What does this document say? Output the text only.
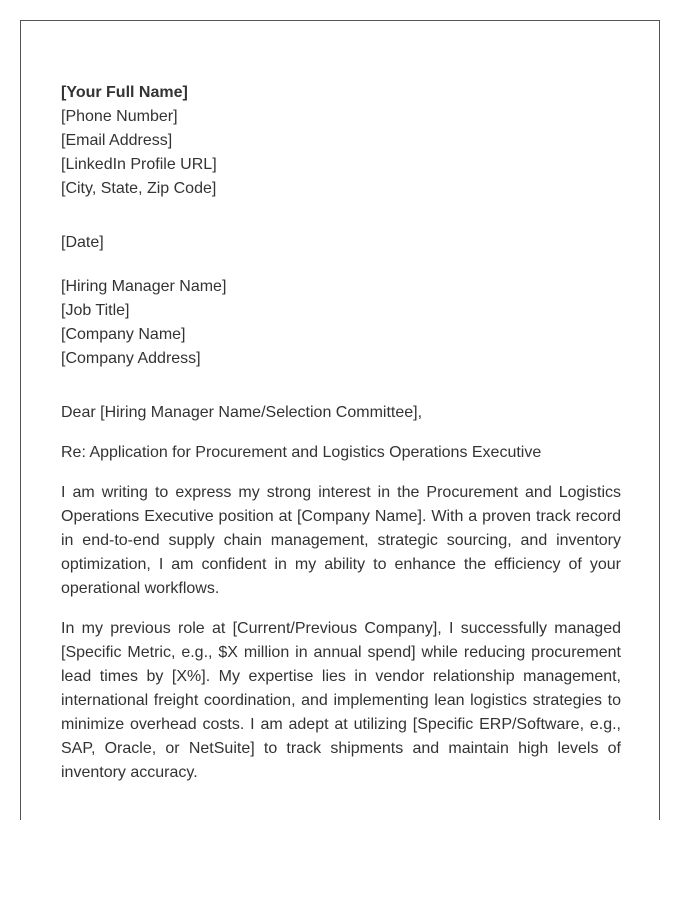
[Your Full Name]
[Phone Number]
[Email Address]
[LinkedIn Profile URL]
[City, State, Zip Code]
[Date]
[Hiring Manager Name]
[Job Title]
[Company Name]
[Company Address]
Dear [Hiring Manager Name/Selection Committee],
Re: Application for Procurement and Logistics Operations Executive

I am writing to express my strong interest in the Procurement and Logistics Operations Executive position at [Company Name]. With a proven track record in end-to-end supply chain management, strategic sourcing, and inventory optimization, I am confident in my ability to enhance the efficiency of your operational workflows.

In my previous role at [Current/Previous Company], I successfully managed [Specific Metric, e.g., $X million in annual spend] while reducing procurement lead times by [X%]. My expertise lies in vendor relationship management, international freight coordination, and implementing lean logistics strategies to minimize overhead costs. I am adept at utilizing [Specific ERP/Software, e.g., SAP, Oracle, or NetSuite] to track shipments and maintain high levels of inventory accuracy.
